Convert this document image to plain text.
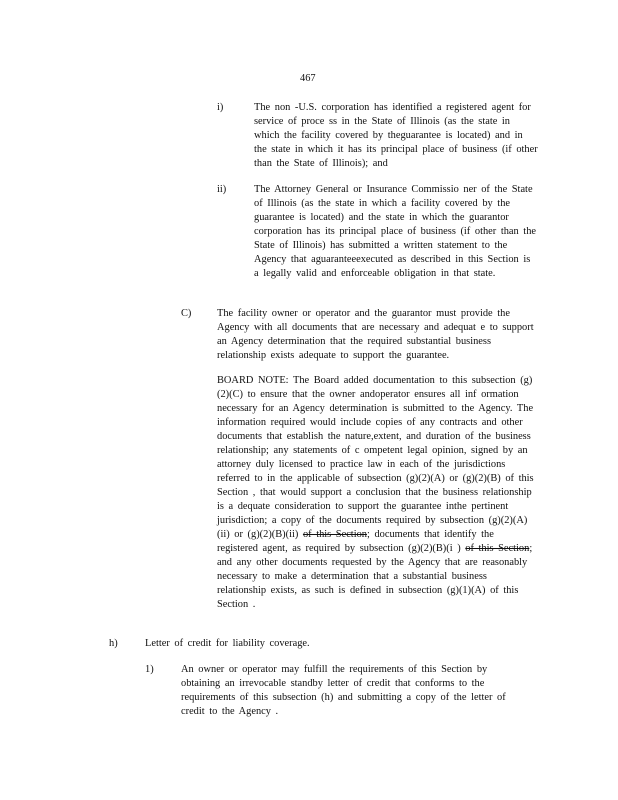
467
i)	The non -U.S. corporation has identified a registered agent for service of proce ss in the State of Illinois (as the state in which the facility covered by theguarantee is located) and in the state in which it has its principal place of business (if other than the State of Illinois); and
ii)	The Attorney General or Insurance Commissio ner of the State of Illinois (as the state in which a facility covered by the guarantee is located) and the state in which the guarantor corporation has its principal place of business (if other than the State of Illinois) has submitted a written statement to the Agency that aguaranteeexecuted as described in this Section is a legally valid and enforceable obligation in that state.
C) The facility owner or operator and the guarantor must provide the Agency with all documents that are necessary and adequat e to support an Agency determination that the required substantial business relationship exists adequate to support the guarantee.
BOARD NOTE: The Board added documentation to this subsection (g)(2)(C) to ensure that the owner andoperator ensures all inf ormation necessary for an Agency determination is submitted to the Agency. The information required would include copies of any contracts and other documents that establish the nature,extent, and duration of the business relationship; any statements of c ompetent legal opinion, signed by an attorney duly licensed to practice law in each of the jurisdictions referred to in the applicable of subsection (g)(2)(A) or (g)(2)(B) of this Section , that would support a conclusion that the business relationship is a dequate consideration to support the guarantee inthe pertinent jurisdiction; a copy of the documents required by subsection (g)(2)(A)(ii) or (g)(2)(B)(ii) of this Section; documents that identify the registered agent, as required by subsection (g)(2)(B)(i ) of this Section; and any other documents requested by the Agency that are reasonably necessary to make a determination that a substantial business relationship exists, as such is defined in subsection (g)(1)(A) of this Section .
h)	Letter of credit for liability coverage.
1)	An owner or operator may fulfill the requirements of this Section by obtaining an irrevocable standby letter of credit that conforms to the requirements of this subsection (h) and submitting a copy of the letter of credit to the Agency .
